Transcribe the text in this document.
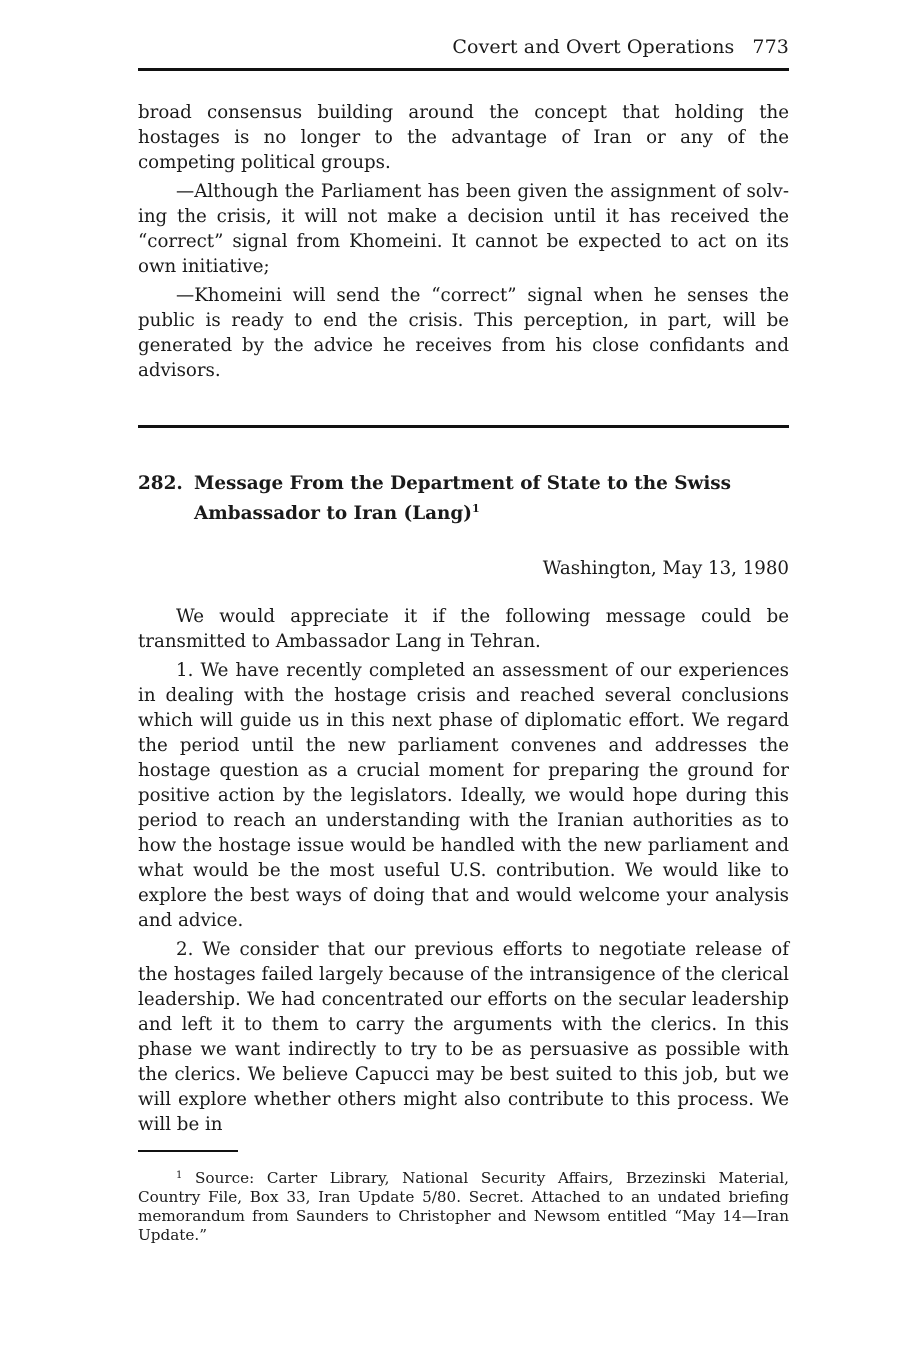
Covert and Overt Operations 773

broad consensus building around the concept that holding the hostages is no longer to the advantage of Iran or any of the competing political groups.

—Although the Parliament has been given the assignment of solving the crisis, it will not make a decision until it has received the “correct” signal from Khomeini. It cannot be expected to act on its own initiative;

—Khomeini will send the “correct” signal when he senses the public is ready to end the crisis. This perception, in part, will be generated by the advice he receives from his close confidants and advisors.

282. Message From the Department of State to the Swiss Ambassador to Iran (Lang)$^1$
Washington, May 13, 1980

We would appreciate it if the following message could be transmitted to Ambassador Lang in Tehran.

1. We have recently completed an assessment of our experiences in dealing with the hostage crisis and reached several conclusions which will guide us in this next phase of diplomatic effort. We regard the period until the new parliament convenes and addresses the hostage question as a crucial moment for preparing the ground for positive action by the legislators. Ideally, we would hope during this period to reach an understanding with the Iranian authorities as to how the hostage issue would be handled with the new parliament and what would be the most useful U.S. contribution. We would like to explore the best ways of doing that and would welcome your analysis and advice.

2. We consider that our previous efforts to negotiate release of the hostages failed largely because of the intransigence of the clerical leadership. We had concentrated our efforts on the secular leadership and left it to them to carry the arguments with the clerics. In this phase we want indirectly to try to be as persuasive as possible with the clerics. We believe Capucci may be best suited to this job, but we will explore whether others might also contribute to this process. We will be in

$^1$ Source: Carter Library, National Security Affairs, Brzezinski Material, Country File, Box 33, Iran Update 5/80. Secret. Attached to an undated briefing memorandum from Saunders to Christopher and Newsom entitled “May 14—Iran Update.”
